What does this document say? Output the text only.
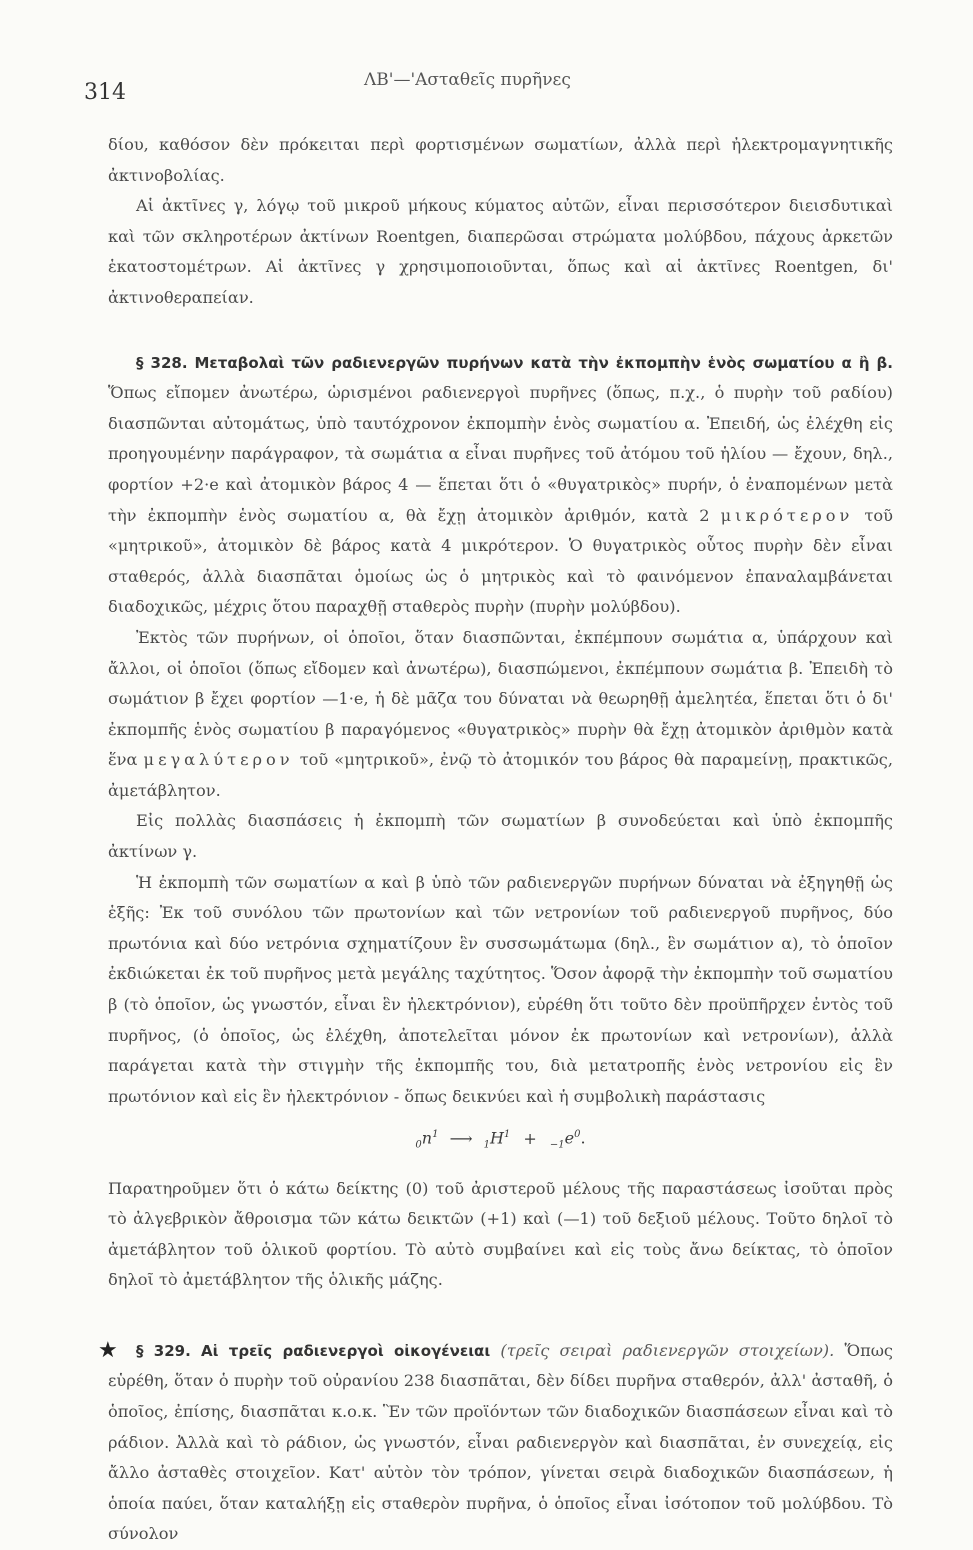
314	ΛΒ'—'Ασταθεῖς πυρῆνες

δίου, καθόσον δὲν πρόκειται περὶ φορτισμένων σωματίων, ἀλλὰ περὶ ἠλεκτρομαγνητικῆς ἀκτινοβολίας.

Αἱ ἀκτῖνες γ, λόγῳ τοῦ μικροῦ μήκους κύματος αὐτῶν, εἶναι περισσότερον διεισδυτικαὶ καὶ τῶν σκληροτέρων ἀκτίνων Roentgen, διαπερῶσαι στρώματα μολύβδου, πάχους ἀρκετῶν ἑκατοστομέτρων. Αἱ ἀκτῖνες γ χρησιμοποιοῦνται, ὅπως καὶ αἱ ἀκτῖνες Roentgen, δι' ἀκτινοθεραπείαν.

§ 328. Μεταβολαὶ τῶν ραδιενεργῶν πυρήνων κατὰ τὴν ἐκπομπὴν ἑνὸς σωματίου α ἢ β. Ὅπως εἴπομεν ἀνωτέρω, ὡρισμένοι ραδιενεργοὶ πυρῆνες (ὅπως, π.χ., ὁ πυρὴν τοῦ ραδίου) διασπῶνται αὐτομάτως, ὑπὸ ταυτόχρονον ἐκπομπὴν ἑνὸς σωματίου α. Ἐπειδή, ὡς ἐλέχθη εἰς προηγουμένην παράγραφον, τὰ σωμάτια α εἶναι πυρῆνες τοῦ ἀτόμου τοῦ ἡλίου — ἔχουν, δηλ., φορτίον +2·e καὶ ἀτομικὸν βάρος 4 — ἕπεται ὅτι ὁ «θυγατρικὸς» πυρήν, ὁ ἐναπομένων μετὰ τὴν ἐκπομπὴν ἑνὸς σωματίου α, θὰ ἔχῃ ἀτομικὸν ἀριθμόν, κατὰ 2 μικρότερον τοῦ «μητρικοῦ», ἀτομικὸν δὲ βάρος κατὰ 4 μικρότερον. Ὁ θυγατρικὸς οὗτος πυρὴν δὲν εἶναι σταθερός, ἀλλὰ διασπᾶται ὁμοίως ὡς ὁ μητρικὸς καὶ τὸ φαινόμενον ἐπαναλαμβάνεται διαδοχικῶς, μέχρις ὅτου παραχθῇ σταθερὸς πυρὴν (πυρὴν μολύβδου).

Ἐκτὸς τῶν πυρήνων, οἱ ὁποῖοι, ὅταν διασπῶνται, ἐκπέμπουν σωμάτια α, ὑπάρχουν καὶ ἄλλοι, οἱ ὁποῖοι (ὅπως εἴδομεν καὶ ἀνωτέρω), διασπώμενοι, ἐκπέμπουν σωμάτια β. Ἐπειδὴ τὸ σωμάτιον β ἔχει φορτίον —1·e, ἡ δὲ μᾶζα του δύναται νὰ θεωρηθῇ ἀμελητέα, ἕπεται ὅτι ὁ δι' ἐκπομπῆς ἑνὸς σωματίου β παραγόμενος «θυγατρικὸς» πυρὴν θὰ ἔχῃ ἀτομικὸν ἀριθμὸν κατὰ ἕνα μεγαλύτερον τοῦ «μητρικοῦ», ἐνῷ τὸ ἀτομικόν του βάρος θὰ παραμείνῃ, πρακτικῶς, ἀμετάβλητον.

Εἰς πολλὰς διασπάσεις ἡ ἐκπομπὴ τῶν σωματίων β συνοδεύεται καὶ ὑπὸ ἐκπομπῆς ἀκτίνων γ.

Ἡ ἐκπομπὴ τῶν σωματίων α καὶ β ὑπὸ τῶν ραδιενεργῶν πυρήνων δύναται νὰ ἐξηγηθῇ ὡς ἑξῆς: Ἐκ τοῦ συνόλου τῶν πρωτονίων καὶ τῶν νετρονίων τοῦ ραδιενεργοῦ πυρῆνος, δύο πρωτόνια καὶ δύο νετρόνια σχηματίζουν ἓν συσσωμάτωμα (δηλ., ἓν σωμάτιον α), τὸ ὁποῖον ἐκδιώκεται ἐκ τοῦ πυρῆνος μετὰ μεγάλης ταχύτητος. Ὅσον ἀφορᾷ τὴν ἐκπομπὴν τοῦ σωματίου β (τὸ ὁποῖον, ὡς γνωστόν, εἶναι ἓν ἠλεκτρόνιον), εὑρέθη ὅτι τοῦτο δὲν προϋπῆρχεν ἐντὸς τοῦ πυρῆνος, (ὁ ὁποῖος, ὡς ἐλέχθη, ἀποτελεῖται μόνον ἐκ πρωτονίων καὶ νετρονίων), ἀλλὰ παράγεται κατὰ τὴν στιγμὴν τῆς ἐκπομπῆς του, διὰ μετατροπῆς ἑνὸς νετρονίου εἰς ἓν πρωτόνιον καὶ εἰς ἓν ἠλεκτρόνιον - ὅπως δεικνύει καὶ ἡ συμβολικὴ παράστασις

$_0n^1$ ⟶ $_1H^1 + _{-1}e^0$.

Παρατηροῦμεν ὅτι ὁ κάτω δείκτης (0) τοῦ ἀριστεροῦ μέλους τῆς παραστάσεως ἰσοῦται πρὸς τὸ ἀλγεβρικὸν ἄθροισμα τῶν κάτω δεικτῶν (+1) καὶ (—1) τοῦ δεξιοῦ μέλους. Τοῦτο δηλοῖ τὸ ἀμετάβλητον τοῦ ὁλικοῦ φορτίου. Τὸ αὐτὸ συμβαίνει καὶ εἰς τοὺς ἄνω δείκτας, τὸ ὁποῖον δηλοῖ τὸ ἀμετάβλητον τῆς ὁλικῆς μάζης.

★ § 329. Αἱ τρεῖς ραδιενεργοὶ οἰκογένειαι (τρεῖς σειραὶ ραδιενεργῶν στοιχείων). Ὅπως εὑρέθη, ὅταν ὁ πυρὴν τοῦ οὐρανίου 238 διασπᾶται, δὲν δίδει πυρῆνα σταθερόν, ἀλλ' ἀσταθῆ, ὁ ὁποῖος, ἐπίσης, διασπᾶται κ.ο.κ. Ἓν τῶν προϊόντων τῶν διαδοχικῶν διασπάσεων εἶναι καὶ τὸ ράδιον. Ἀλλὰ καὶ τὸ ράδιον, ὡς γνωστόν, εἶναι ραδιενεργὸν καὶ διασπᾶται, ἐν συνεχείᾳ, εἰς ἄλλο ἀσταθὲς στοιχεῖον. Κατ' αὐτὸν τὸν τρόπον, γίνεται σειρὰ διαδοχικῶν διασπάσεων, ἡ ὁποία παύει, ὅταν καταλήξῃ εἰς σταθερὸν πυρῆνα, ὁ ὁποῖος εἶναι ἰσότοπον τοῦ μολύβδου. Τὸ σύνολον
